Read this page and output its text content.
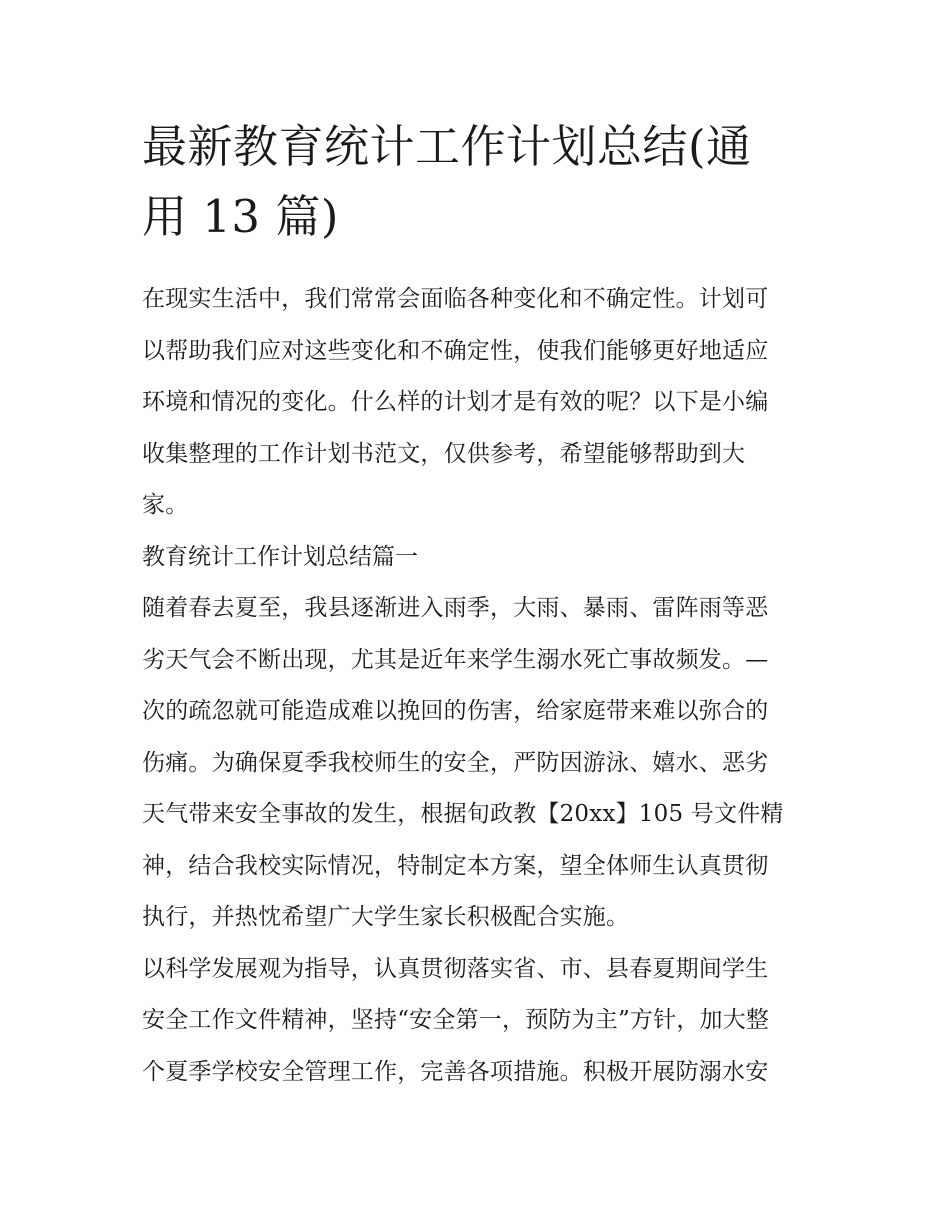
最新教育统计工作计划总结(通
用 13 篇)

在现实生活中，我们常常会面临各种变化和不确定性。计划可
以帮助我们应对这些变化和不确定性，使我们能够更好地适应
环境和情况的变化。什么样的计划才是有效的呢？以下是小编
收集整理的工作计划书范文，仅供参考，希望能够帮助到大
家。

教育统计工作计划总结篇一

随着春去夏至，我县逐渐进入雨季，大雨、暴雨、雷阵雨等恶
劣天气会不断出现，尤其是近年来学生溺水死亡事故频发。—
次的疏忽就可能造成难以挽回的伤害，给家庭带来难以弥合的
伤痛。为确保夏季我校师生的安全，严防因游泳、嬉水、恶劣
天气带来安全事故的发生，根据旬政教【20xx】105 号文件精
神，结合我校实际情况，特制定本方案，望全体师生认真贯彻
执行，并热忱希望广大学生家长积极配合实施。

以科学发展观为指导，认真贯彻落实省、市、县春夏期间学生
安全工作文件精神，坚持“安全第一，预防为主”方针，加大整
个夏季学校安全管理工作，完善各项措施。积极开展防溺水安
